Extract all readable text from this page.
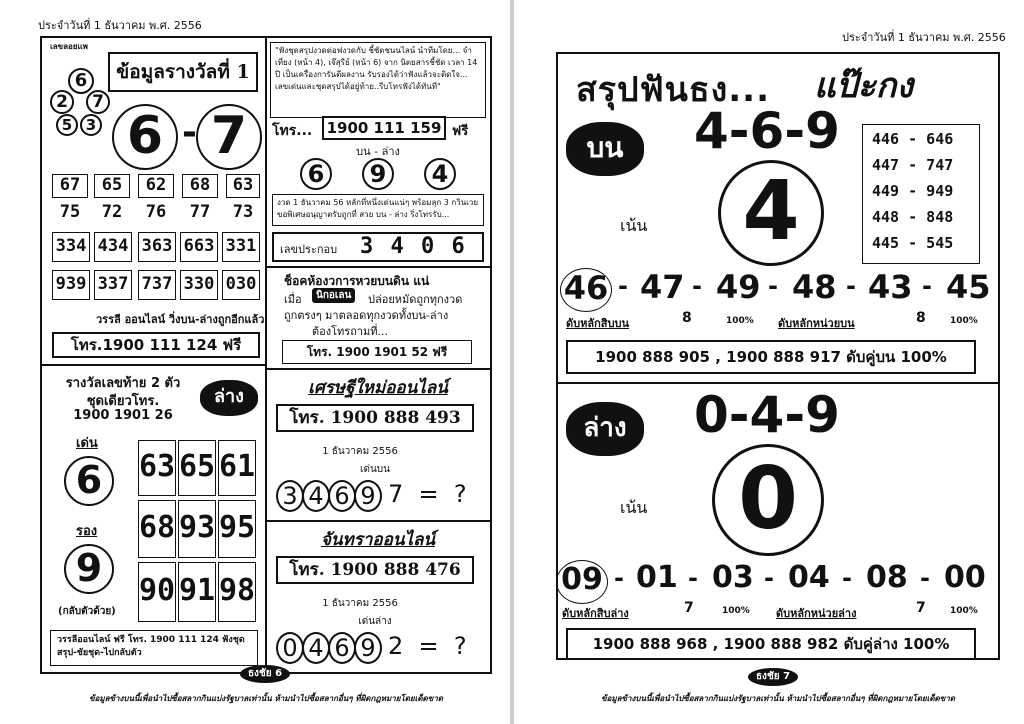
ประจำวันที่ 1 ธันวาคม พ.ศ. 2556
เลขลอยแพ
6
2	7
5 3
ข้อมูลรางวัลที่ 1
6 - 7
67	65	62	68	63
75	72	76	77	73
334 434 363 663 331
939 337 737 330 030
วรรลี ออนไลน์ วิ่งบน-ล่างถูกอีกแล้ว
โทร.1900 111 124 ฟรี
รางวัลเลขท้าย 2 ตัว
ชุดเดียวโทร.
1900 1901 26
ล่าง
เด่น
6
รอง
9
(กลับตัวด้วย)
63 65 61
68 93 95
90 91 98
วรรลีออนไลน์ ฟรี โทร. 1900 111 124 ฟังชุดสรุป-ชัยชุด-ไปกลับตัว
"ฟังชุดสรุปงวดต่อฟงวดกับ ชี้ชัดชนนไลน์ นำทีมโดย... จำเที่ยง (หน้า 4), เจ๊สุรีย์ (หน้า 6) จาก นิตยสารชี้ชัด เวลา 14 ปี เป็นเครื่องการันตีผลงาน รับรองได้ว่าฟังแล้วจะติดใจ... เลขเด่นและชุดสรุปได้อยู่ท้าย..รีบโทรฟังได้ทันที"
โทร... 1900 111 159 ฟรี
บน - ล่าง
6	9	4
งวด 1 ธันวาคม 56 หลักที่หนึ่งเด่นแน่ๆ พร้อมลุก 3 กวินเวย ขอพิเศษอนุญาตรับถูกที่ สวย บน - ล่าง ริ่งโทรรับ...
เลขประกอบ 3 4 0 6
ช็อคห้องวการหวยบนดิน แน่
เมื่อ	นิกอเลน	ปล่อยหมัดถูกทุกงวด
ถูกตรงๆ มาตลอดทุกงวดทั้งบน-ล่าง
ต้องโทรถามที่...
โทร. 1900 1901 52 ฟรี
เศรษฐีใหม่ออนไลน์
โทร. 1900 888 493
1 ธันวาคม 2556
เด่นบน
3 4 6 9 7  =  ?
จันทราออนไลน์
โทร. 1900 888 476
1 ธันวาคม 2556
เด่นล่าง
0 4 6 9 2  =  ?
ธงชัย 6
ข้อมูลข้างบนนี้เพื่อนำไปซื้อสลากกินแบ่งรัฐบาลเท่านั้น ห้ามนำไปซื้อสลากอื่นๆ ที่ผิดกฎหมายโดยเด็ดขาด
ประจำวันที่ 1 ธันวาคม พ.ศ. 2556
สรุปฟันธง... แป๊ะกง
บน	4-6-9
เน้น 4
446 - 646
447 - 747
449 - 949
448 - 848
445 - 545
46 - 47 - 49 - 48 - 43 - 45
ดับหลักสิบบน	8	100% ดับหลักหน่วยบน	8	100%
1900 888 905 , 1900 888 917 ดับคู่บน 100%
ล่าง	0-4-9
เน้น	0
09 - 01 - 03 - 04 - 08 - 00
ดับหลักสิบล่าง	7	100% ดับหลักหน่วยล่าง	7	100%
1900 888 968 , 1900 888 982 ดับคู่ล่าง 100%
ธงชัย 7
ข้อมูลข้างบนนี้เพื่อนำไปซื้อสลากกินแบ่งรัฐบาลเท่านั้น ห้ามนำไปซื้อสลากอื่นๆ ที่ผิดกฎหมายโดยเด็ดขาด
